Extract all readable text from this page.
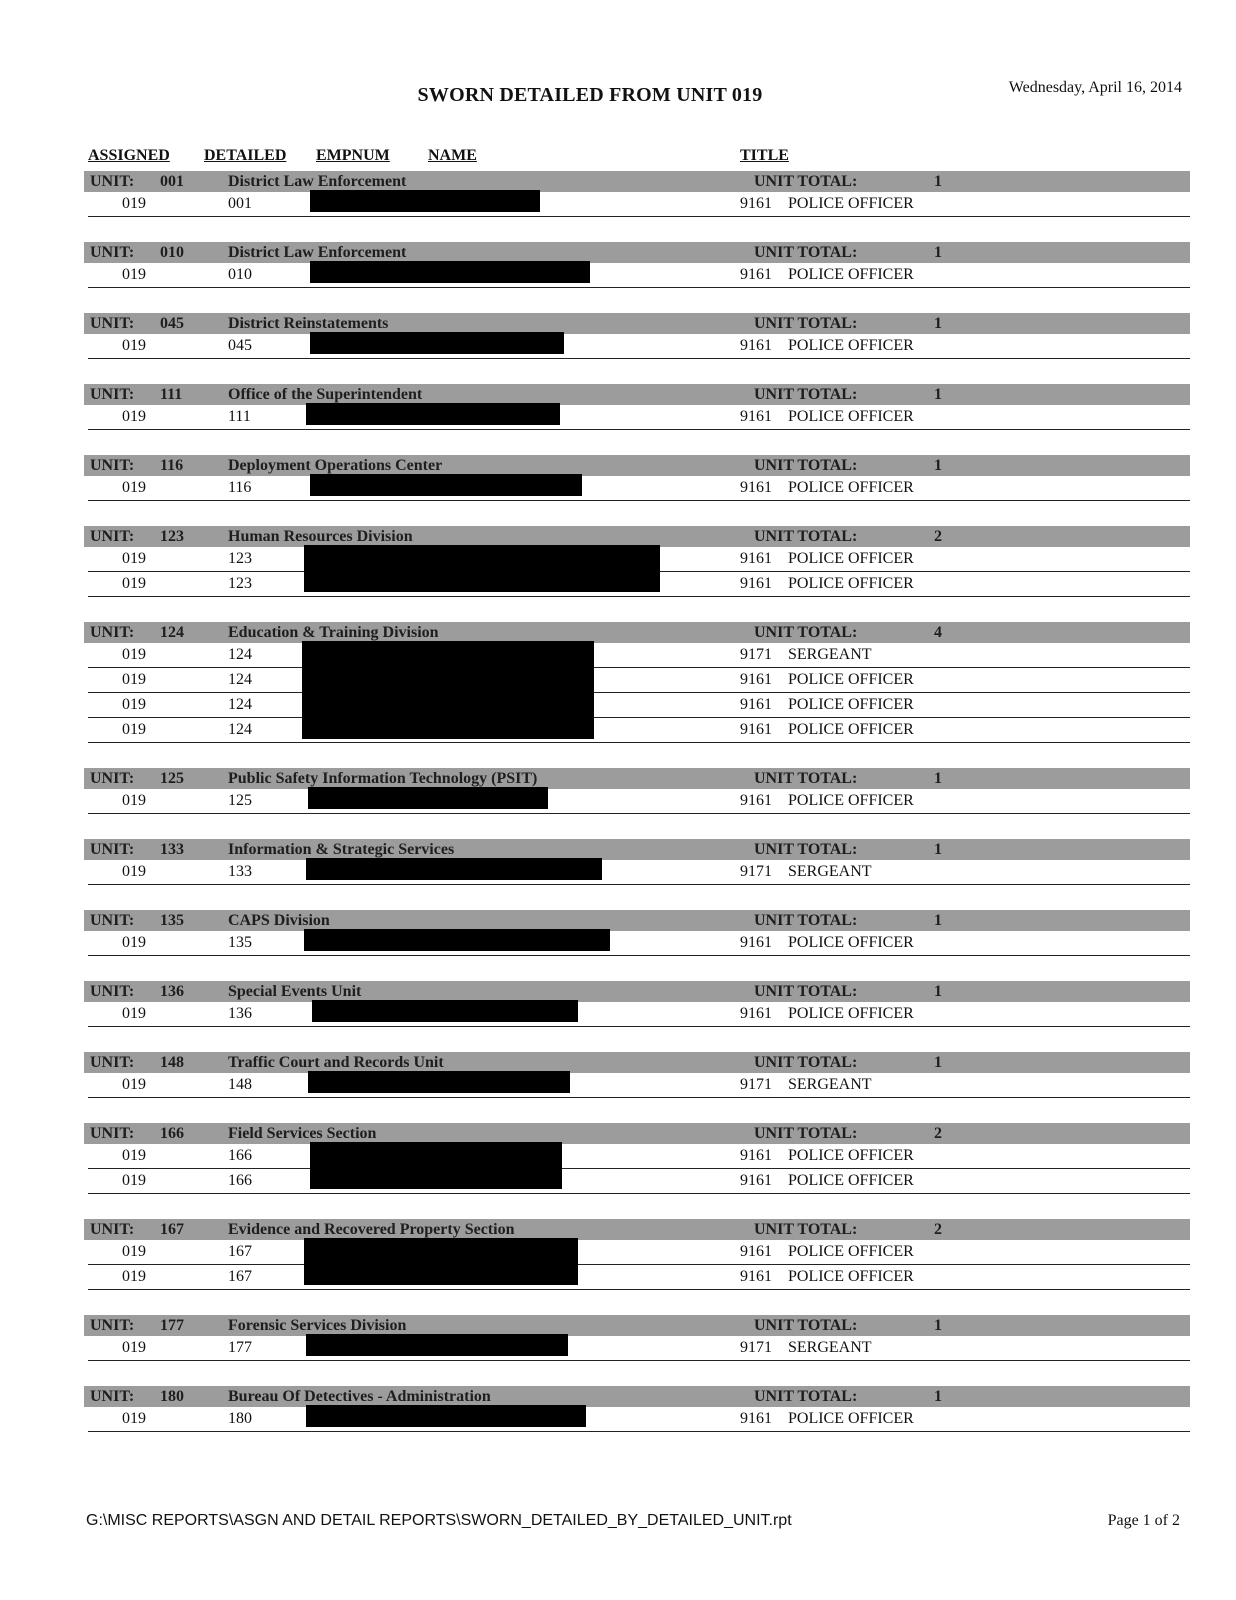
SWORN DETAILED FROM UNIT 019	Wednesday, April 16, 2014
ASSIGNED DETAILED EMPNUM NAME	TITLE
UNIT: 001	District Law Enforcement	UNIT TOTAL:	1
019	001	9161 POLICE OFFICER
UNIT: 010	District Law Enforcement	UNIT TOTAL:	1
019	010	9161 POLICE OFFICER
UNIT: 045	District Reinstatements	UNIT TOTAL:	1
019	045	9161 POLICE OFFICER
UNIT: 111	Office of the Superintendent	UNIT TOTAL:	1
019	111	9161 POLICE OFFICER
UNIT: 116	Deployment Operations Center	UNIT TOTAL:	1
019	116	9161 POLICE OFFICER
UNIT: 123	Human Resources Division	UNIT TOTAL:	2
019	123	9161 POLICE OFFICER
019	123	9161 POLICE OFFICER
UNIT: 124	Education & Training Division	UNIT TOTAL:	4
019	124	9171 SERGEANT
019	124	9161 POLICE OFFICER
019	124	9161 POLICE OFFICER
019	124	9161 POLICE OFFICER
UNIT: 125	Public Safety Information Technology (PSIT)	UNIT TOTAL:	1
019	125	9161 POLICE OFFICER
UNIT: 133	Information & Strategic Services	UNIT TOTAL:	1
019	133	9171 SERGEANT
UNIT: 135	CAPS Division	UNIT TOTAL:	1
019	135	9161 POLICE OFFICER
UNIT: 136	Special Events Unit	UNIT TOTAL:	1
019	136	9161 POLICE OFFICER
UNIT: 148	Traffic Court and Records Unit	UNIT TOTAL:	1
019	148	9171 SERGEANT
UNIT: 166	Field Services Section	UNIT TOTAL:	2
019	166	9161 POLICE OFFICER
019	166	9161 POLICE OFFICER
UNIT: 167	Evidence and Recovered Property Section	UNIT TOTAL:	2
019	167	9161 POLICE OFFICER
019	167	9161 POLICE OFFICER
UNIT: 177	Forensic Services Division	UNIT TOTAL:	1
019	177	9171 SERGEANT
UNIT: 180	Bureau Of Detectives - Administration	UNIT TOTAL:	1
019	180	9161 POLICE OFFICER
G:\MISC REPORTS\ASGN AND DETAIL REPORTS\SWORN_DETAILED_BY_DETAILED_UNIT.rpt	Page 1 of 2
